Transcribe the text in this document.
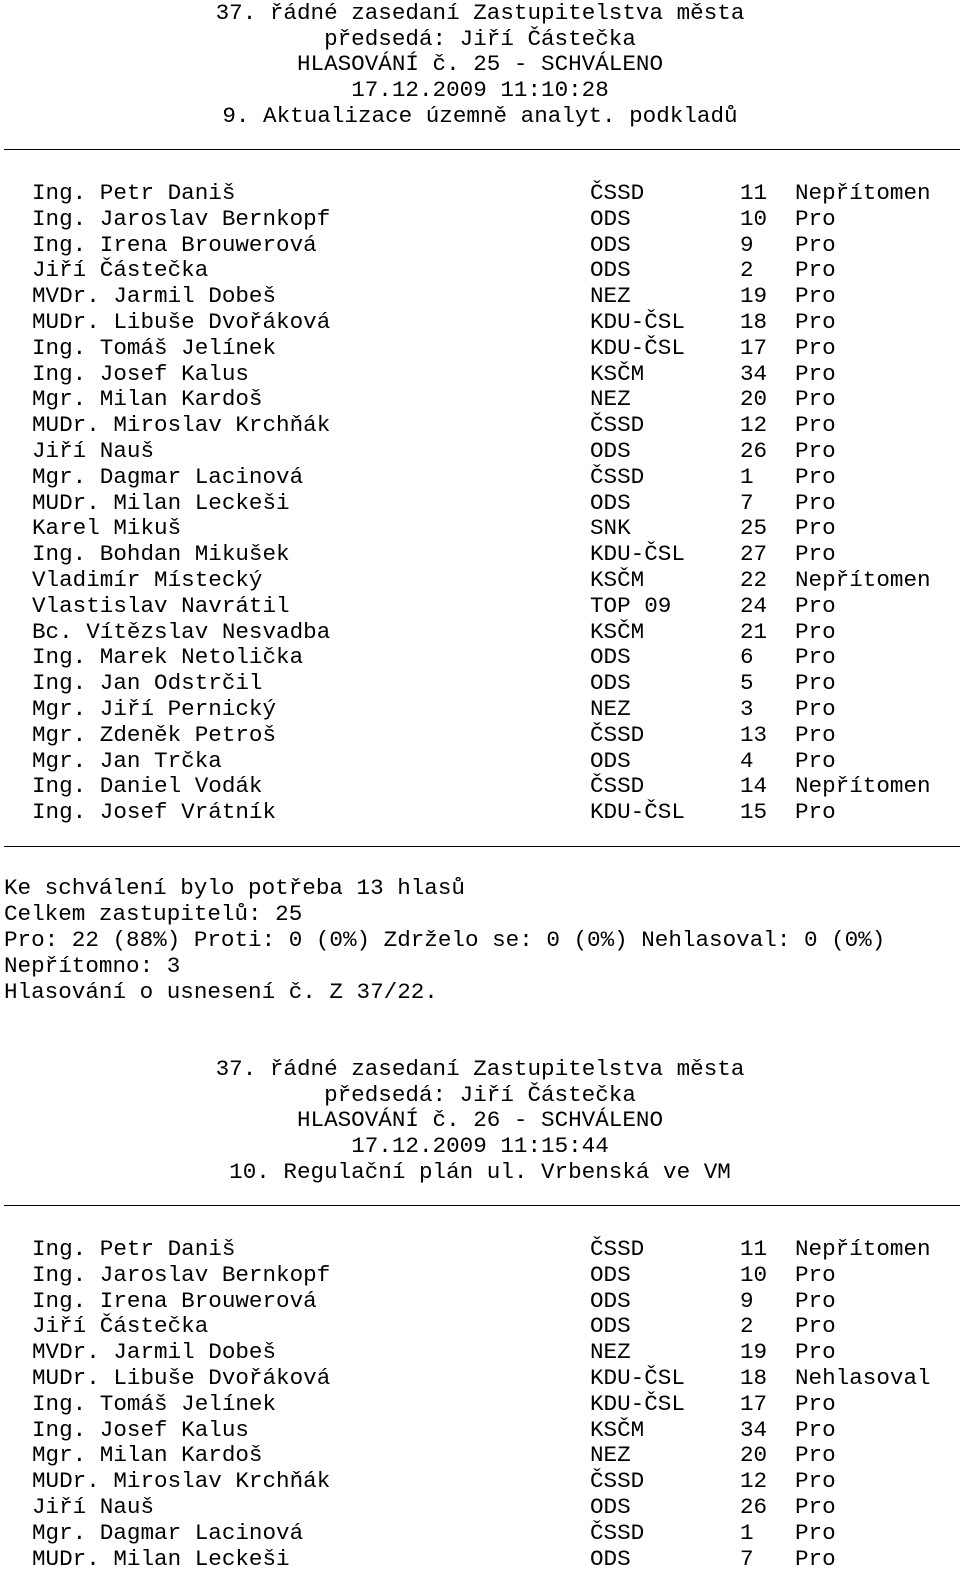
37. řádné zasedaní Zastupitelstva města
předsedá: Jiří Částečka
HLASOVÁNÍ č. 25 - SCHVÁLENO
17.12.2009 11:10:28
9. Aktualizace územně analyt. podkladů
Ing. Petr Daniš	ČSSD	11 Nepřítomen
Ing. Jaroslav Bernkopf	ODS	10 Pro
Ing. Irena Brouwerová	ODS	9 Pro
Jiří Částečka	ODS	2 Pro
MVDr. Jarmil Dobeš	NEZ	19 Pro
MUDr. Libuše Dvořáková	KDU-ČSL 18 Pro
Ing. Tomáš Jelínek	KDU-ČSL 17 Pro
Ing. Josef Kalus	KSČM	34 Pro
Mgr. Milan Kardoš	NEZ	20 Pro
MUDr. Miroslav Krchňák	ČSSD	12 Pro
Jiří Nauš	ODS	26 Pro
Mgr. Dagmar Lacinová	ČSSD	1 Pro
MUDr. Milan Leckeši	ODS	7 Pro
Karel Mikuš	SNK	25 Pro
Ing. Bohdan Mikušek	KDU-ČSL 27 Pro
Vladimír Místecký	KSČM	22 Nepřítomen
Vlastislav Navrátil	TOP 09	24 Pro
Bc. Vítězslav Nesvadba	KSČM	21 Pro
Ing. Marek Netolička	ODS	6 Pro
Ing. Jan Odstrčil	ODS	5 Pro
Mgr. Jiří Pernický	NEZ	3 Pro
Mgr. Zdeněk Petroš	ČSSD	13 Pro
Mgr. Jan Trčka	ODS	4 Pro
Ing. Daniel Vodák	ČSSD	14 Nepřítomen
Ing. Josef Vrátník	KDU-ČSL 15 Pro
Ke schválení bylo potřeba 13 hlasů
Celkem zastupitelů: 25
Pro: 22 (88%) Proti: 0 (0%) Zdrželo se: 0 (0%) Nehlasoval: 0 (0%)
Nepřítomno: 3
Hlasování o usnesení č. Z 37/22.
37. řádné zasedaní Zastupitelstva města
předsedá: Jiří Částečka
HLASOVÁNÍ č. 26 - SCHVÁLENO
17.12.2009 11:15:44
10. Regulační plán ul. Vrbenská ve VM
Ing. Petr Daniš	ČSSD	11 Nepřítomen
Ing. Jaroslav Bernkopf	ODS	10 Pro
Ing. Irena Brouwerová	ODS	9 Pro
Jiří Částečka	ODS	2 Pro
MVDr. Jarmil Dobeš	NEZ	19 Pro
MUDr. Libuše Dvořáková	KDU-ČSL 18 Nehlasoval
Ing. Tomáš Jelínek	KDU-ČSL 17 Pro
Ing. Josef Kalus	KSČM	34 Pro
Mgr. Milan Kardoš	NEZ	20 Pro
MUDr. Miroslav Krchňák	ČSSD	12 Pro
Jiří Nauš	ODS	26 Pro
Mgr. Dagmar Lacinová	ČSSD	1 Pro
MUDr. Milan Leckeši	ODS	7 Pro
